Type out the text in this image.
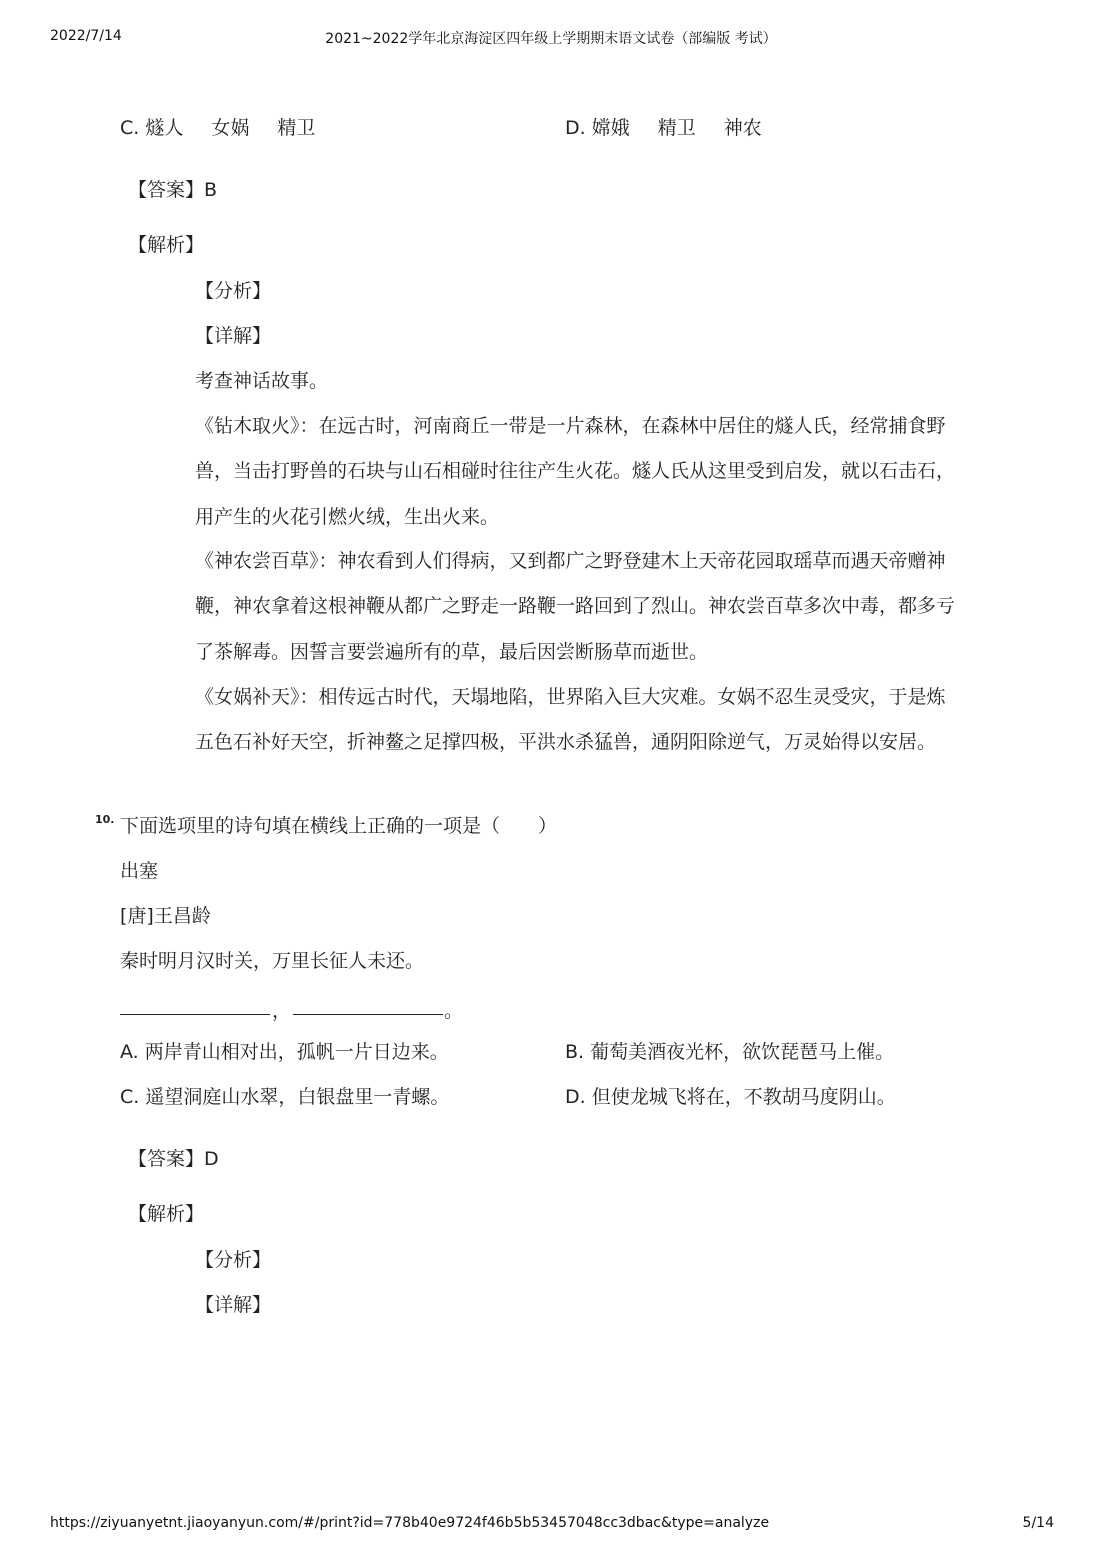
2022/7/14	2021~2022学年北京海淀区四年级上学期期末语文试卷（部编版 考试）
C. 燧人 女娲 精卫	D. 嫦娥 精卫 神农
【答案】B
【解析】
【分析】
【详解】
考查神话故事。
《钻木取火》：在远古时，河南商丘一带是一片森林，在森林中居住的燧人氏，经常捕食野
兽，当击打野兽的石块与山石相碰时往往产生火花。燧人氏从这里受到启发，就以石击石，
用产生的火花引燃火绒，生出火来。
《神农尝百草》：神农看到人们得病，又到都广之野登建木上天帝花园取瑶草而遇天帝赠神
鞭，神农拿着这根神鞭从都广之野走一路鞭一路回到了烈山。神农尝百草多次中毒，都多亏
了茶解毒。因誓言要尝遍所有的草，最后因尝断肠草而逝世。
《女娲补天》：相传远古时代，天塌地陷，世界陷入巨大灾难。女娲不忍生灵受灾，于是炼
五色石补好天空，折神鳌之足撑四极，平洪水杀猛兽，通阴阳除逆气，万灵始得以安居。
10. 下面选项里的诗句填在横线上正确的一项是（　　）
出塞
[唐]王昌龄
秦时明月汉时关，万里长征人未还。
，	。
A. 两岸青山相对出，孤帆一片日边来。	B. 葡萄美酒夜光杯，欲饮琵琶马上催。
C. 遥望洞庭山水翠，白银盘里一青螺。	D. 但使龙城飞将在，不教胡马度阴山。
【答案】D
【解析】
【分析】
【详解】
https://ziyuanyetnt.jiaoyanyun.com/#/print?id=778b40e9724f46b5b53457048cc3dbac&type=analyze	5/14
